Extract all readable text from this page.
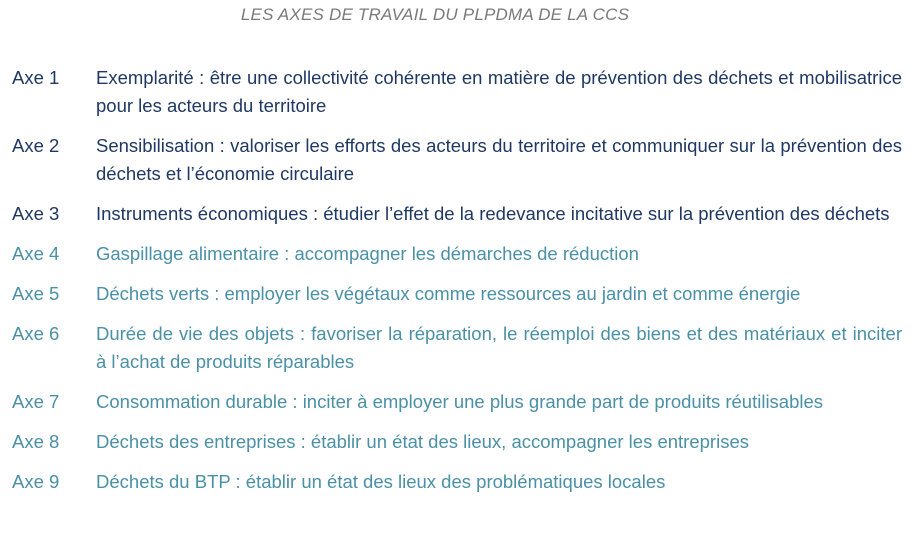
LES AXES DE TRAVAIL DU PLPDMA DE LA CCS
Axe 1	Exemplarité : être une collectivité cohérente en matière de prévention des déchets et mobilisatrice pour les acteurs du territoire
Axe 2	Sensibilisation : valoriser les efforts des acteurs du territoire et communiquer sur la prévention des déchets et l’économie circulaire
Axe 3	Instruments économiques : étudier l’effet de la redevance incitative sur la prévention des déchets
Axe 4	Gaspillage alimentaire : accompagner les démarches de réduction
Axe 5	Déchets verts : employer les végétaux comme ressources au jardin et comme énergie
Axe 6	Durée de vie des objets : favoriser la réparation, le réemploi des biens et des matériaux et inciter à l’achat de produits réparables
Axe 7	Consommation durable : inciter à employer une plus grande part de produits réutilisables
Axe 8	Déchets des entreprises : établir un état des lieux, accompagner les entreprises
Axe 9	Déchets du BTP : établir un état des lieux des problématiques locales
